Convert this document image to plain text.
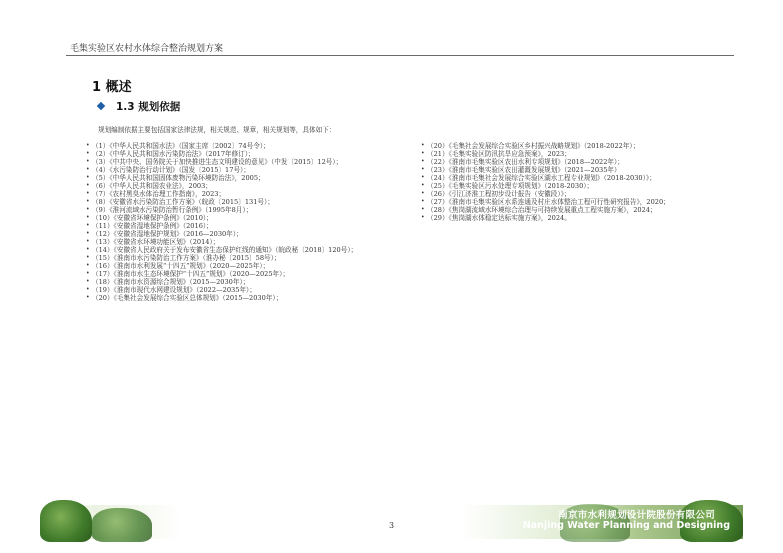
毛集实验区农村水体综合整治规划方案
1 概述
1.3 规划依据
规划编制依据主要包括国家法律法规，相关规范、规章，相关规划等，具体如下：
• （1）《中华人民共和国水法》（国家主席〔2002〕74号令）；
• （2）《中华人民共和国水污染防治法》（2017年修订）；
• （3）《中共中央、国务院关于加快推进生态文明建设的意见》（中发〔2015〕12号）；
• （4）《水污染防治行动计划》（国发〔2015〕17号）；
• （5）《中华人民共和国固体废物污染环境防治法》，2005；
• （6）《中华人民共和国农业法》，2003；
• （7）《农村黑臭水体治理工作指南》，2023；
• （8）《安徽省水污染防治工作方案》（皖政〔2015〕131号）；
• （9）《淮河流域水污染防治暂行条例》（1995年8月）；
• （10）《安徽省环境保护条例》（2010）；
• （11）《安徽省湿地保护条例》（2016）；
• （12）《安徽省湿地保护规划》（2016—2030年）；
• （13）《安徽省水环境功能区划》（2014）；
• （14）《安徽省人民政府关于发布安徽省生态保护红线的通知》（皖政秘〔2018〕120号）；
• （15）《淮南市水污染防治工作方案》（淮办秘〔2015〕58号）；
• （16）《淮南市水利发展“十四五”规划》（2020—2025年）；
• （17）《淮南市水生态环境保护“十四五”规划》（2020—2025年）；
• （18）《淮南市水资源综合规划》（2015—2030年）；
• （19）《淮南市现代水网建设规划》（2022—2035年）；
• （20）《毛集社会发展综合实验区总体规划》（2015—2030年）；
• （20）《毛集社会发展综合实验区乡村振兴战略规划》（2018-2022年）；
• （21）《毛集实验区防汛抗旱应急预案》，2023；
• （22）《淮南市毛集实验区农田水利专项规划》（2018—2022年）；
• （23）《淮南市毛集实验区农田灌溉发展规划》（2021—2035年）
• （24）《淮南市毛集社会发展综合实验区湖水工程专业规划》（2018-2030）》；
• （25）《毛集实验区污水处理专项规划》（2018-2030）；
• （26）《引江济淮工程初步设计报告（安徽段）》；
• （27）《淮南市毛集实验区水系连通及村庄水体整治工程可行性研究报告》，2020；
• （28）《焦岗湖流域水环境综合治理与可持续发展重点工程实施方案》，2024；
• （29）《焦岗湖水体稳定达标实施方案》，2024。
3
南京市水利规划设计院股份有限公司
Nanjing Water Planning and Designing
